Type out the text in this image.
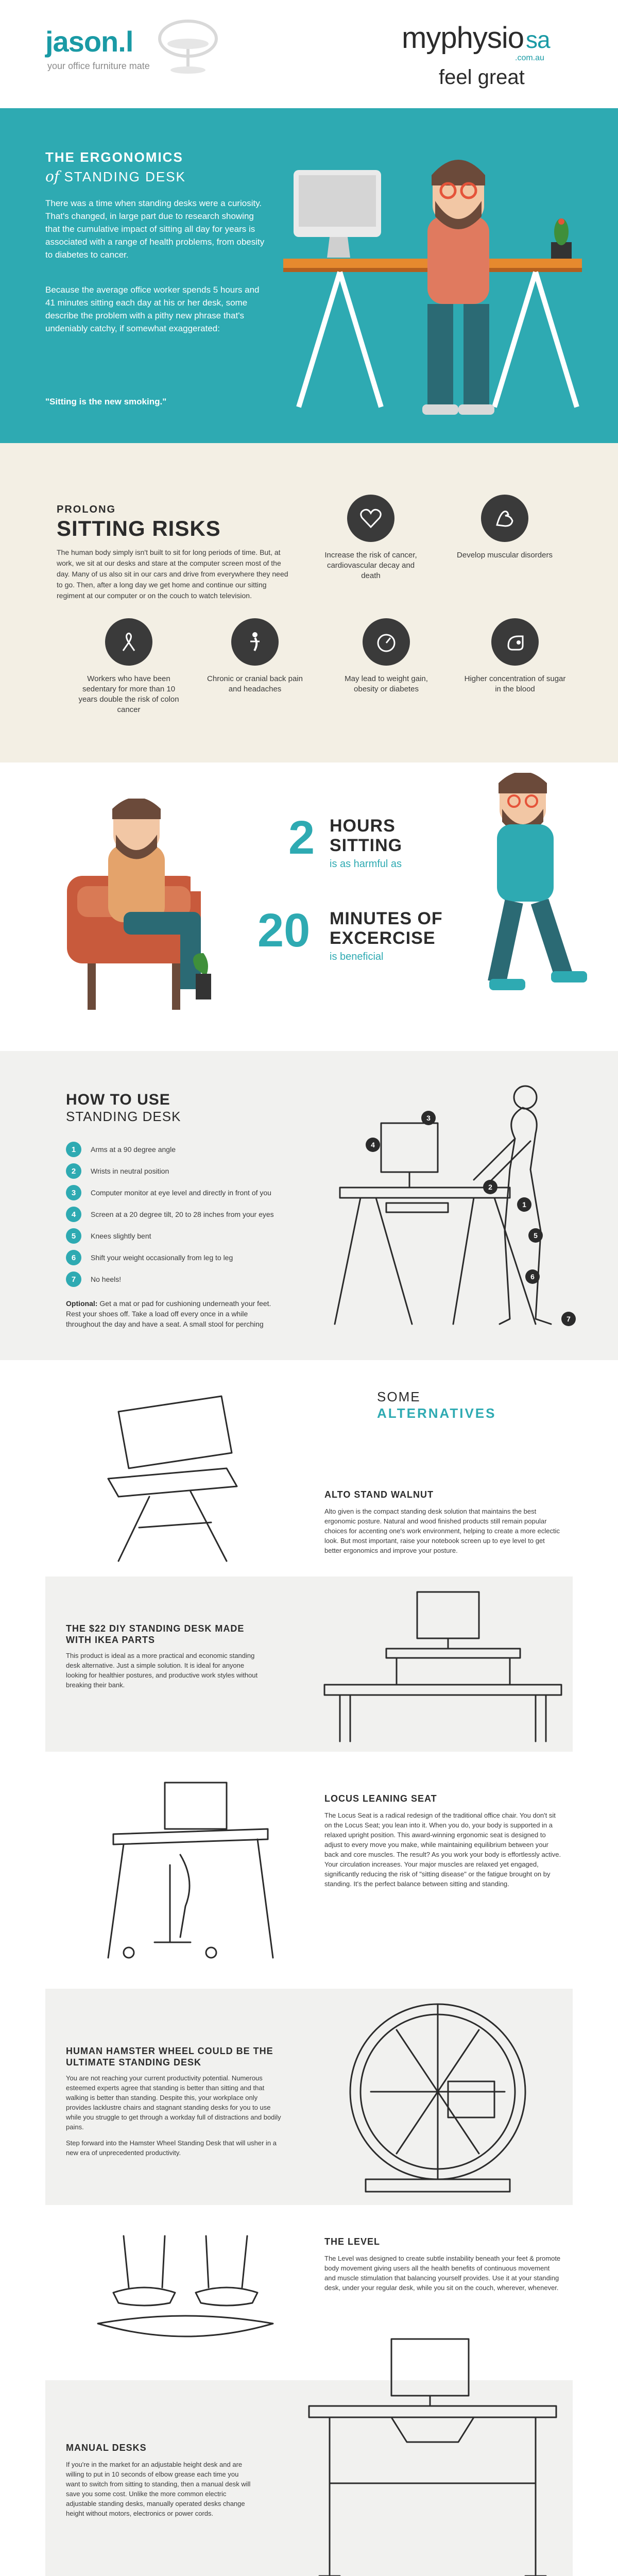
jason.l
your office furniture mate
myphysiosa
.com.au
feel great
THE ERGONOMICS
of STANDING DESK

There was a time when standing desks were a curiosity. That's changed, in large part due to research showing that the cumulative impact of sitting all day for years is associated with a range of health problems, from obesity to diabetes to cancer.

Because the average office worker spends 5 hours and 41 minutes sitting each day at his or her desk, some describe the problem with a pithy new phrase that's undeniably catchy, if somewhat exaggerated:

"Sitting is the new smoking."
PROLONG
SITTING RISKS

The human body simply isn't built to sit for long periods of time. But, at work, we sit at our desks and stare at the computer screen most of the day. Many of us also sit in our cars and drive from everywhere they need to go. Then, after a long day we get home and continue our sitting regiment at our computer or on the couch to watch television.

Increase the risk of cancer, cardiovascular decay and death
Develop muscular disorders
Workers who have been sedentary for more than 10 years double the risk of colon cancer
Chronic or cranial back pain and headaches
May lead to weight gain, obesity or diabetes
Higher concentration of sugar in the blood
2 HOURS
SITTING
is as harmful as
20 MINUTES OF
EXCERCISE
is beneficial
HOW TO USE
STANDING DESK
1	Arms at a 90 degree angle
2	Wrists in neutral position
3	Computer monitor at eye level and directly in front of you
4	Screen at a 20 degree tilt, 20 to 28 inches from your eyes
5	Knees slightly bent
6	Shift your weight occasionally from leg to leg
7	No heels!

Optional: Get a mat or pad for cushioning underneath your feet. Rest your shoes off. Take a load off every once in a while throughout the day and have a seat. A small stool for perching

3
4
2
1
5
6
7
SOME
ALTERNATIVES
ALTO STAND WALNUT

Alto given is the compact standing desk solution that maintains the best ergonomic posture. Natural and wood finished products still remain popular choices for accenting one's work environment, helping to create a more eclectic look. But most important, raise your notebook screen up to eye level to get better ergonomics and improve your posture.

THE $22 DIY STANDING DESK MADE WITH IKEA PARTS

This product is ideal as a more practical and economic standing desk alternative. Just a simple solution. It is ideal for anyone looking for healthier postures, and productive work styles without breaking their bank.

LOCUS LEANING SEAT

The Locus Seat is a radical redesign of the traditional office chair. You don't sit on the Locus Seat; you lean into it. When you do, your body is supported in a relaxed upright position. This award-winning ergonomic seat is designed to adjust to every move you make, while maintaining equilibrium between your back and core muscles. The result? As you work your body is effortlessly active. Your circulation increases. Your major muscles are relaxed yet engaged, significantly reducing the risk of "sitting disease" or the fatigue brought on by standing. It's the perfect balance between sitting and standing.

HUMAN HAMSTER WHEEL COULD BE THE ULTIMATE STANDING DESK

You are not reaching your current productivity potential. Numerous esteemed experts agree that standing is better than sitting and that walking is better than standing. Despite this, your workplace only provides lacklustre chairs and stagnant standing desks for you to use while you struggle to get through a workday full of distractions and bodily pains.

Step forward into the Hamster Wheel Standing Desk that will usher in a new era of unprecedented productivity.

THE LEVEL

The Level was designed to create subtle instability beneath your feet & promote body movement giving users all the health benefits of continuous movement and muscle stimulation that balancing yourself provides. Use it at your standing desk, under your regular desk, while you sit on the couch, wherever, whenever.

MANUAL DESKS

If you're in the market for an adjustable height desk and are willing to put in 10 seconds of elbow grease each time you want to switch from sitting to standing, then a manual desk will save you some cost. Unlike the more common electric adjustable standing desks, manually operated desks change height without motors, electronics or power cords.
